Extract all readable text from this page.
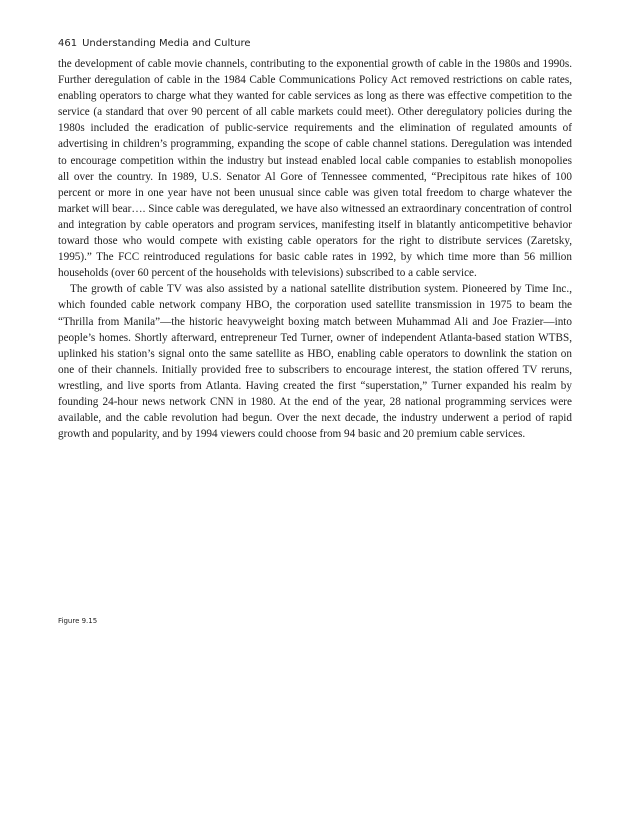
461 Understanding Media and Culture

the development of cable movie channels, contributing to the exponential growth of cable in the 1980s and 1990s. Further deregulation of cable in the 1984 Cable Communications Policy Act removed restrictions on cable rates, enabling operators to charge what they wanted for cable services as long as there was effective competition to the service (a standard that over 90 percent of all cable markets could meet). Other deregulatory policies during the 1980s included the eradication of public-service requirements and the elimination of regulated amounts of advertising in children’s programming, expanding the scope of cable channel stations. Deregulation was intended to encourage competition within the industry but instead enabled local cable companies to establish monopolies all over the country. In 1989, U.S. Senator Al Gore of Tennessee commented, “Precipitous rate hikes of 100 percent or more in one year have not been unusual since cable was given total freedom to charge whatever the market will bear…. Since cable was deregulated, we have also witnessed an extraordinary concentration of control and integration by cable operators and program services, manifesting itself in blatantly anticompetitive behavior toward those who would compete with existing cable operators for the right to distribute services (Zaretsky, 1995).” The FCC reintroduced regulations for basic cable rates in 1992, by which time more than 56 million households (over 60 percent of the households with televisions) subscribed to a cable service.

The growth of cable TV was also assisted by a national satellite distribution system. Pioneered by Time Inc., which founded cable network company HBO, the corporation used satellite transmission in 1975 to beam the “Thrilla from Manila”—the historic heavyweight boxing match between Muhammad Ali and Joe Frazier—into people’s homes. Shortly afterward, entrepreneur Ted Turner, owner of independent Atlanta-based station WTBS, uplinked his station’s signal onto the same satellite as HBO, enabling cable operators to downlink the station on one of their channels. Initially provided free to subscribers to encourage interest, the station offered TV reruns, wrestling, and live sports from Atlanta. Having created the first “superstation,” Turner expanded his realm by founding 24-hour news network CNN in 1980. At the end of the year, 28 national programming services were available, and the cable revolution had begun. Over the next decade, the industry underwent a period of rapid growth and popularity, and by 1994 viewers could choose from 94 basic and 20 premium cable services.

Figure 9.15
